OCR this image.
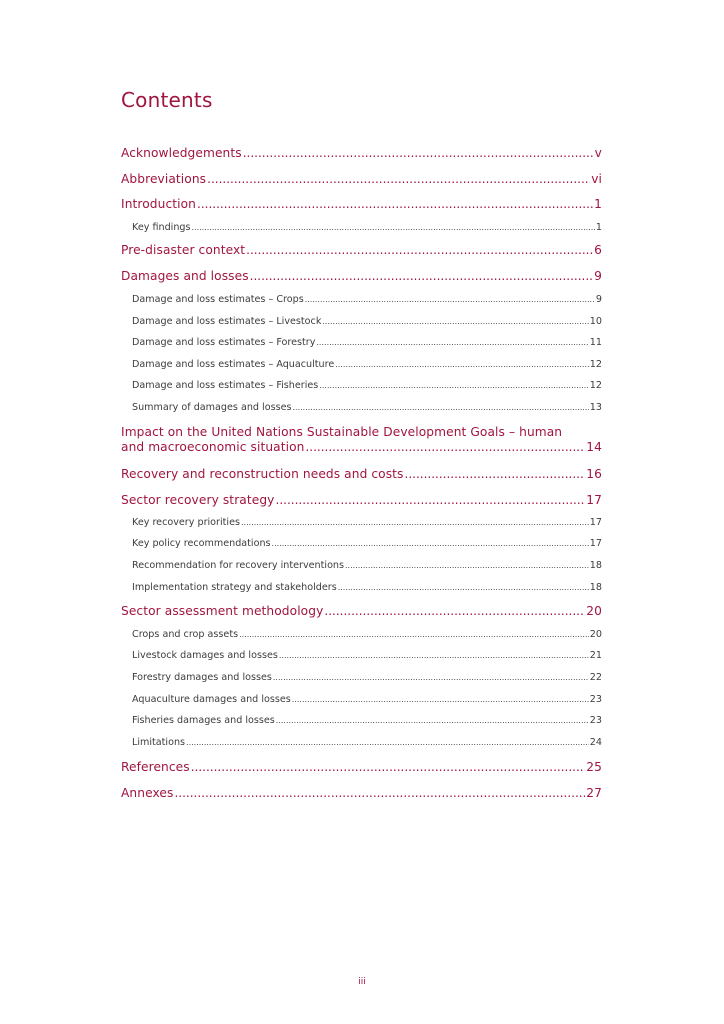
Contents
Acknowledgements .....	v
Abbreviations .....	vi
Introduction .....	1
Key findings .....	1
Pre-disaster context .....	6
Damages and losses .....	9
Damage and loss estimates – Crops .....	9
Damage and loss estimates – Livestock .....	10
Damage and loss estimates – Forestry .....	11
Damage and loss estimates – Aquaculture .....	12
Damage and loss estimates – Fisheries .....	12
Summary of damages and losses .....	13
Impact on the United Nations Sustainable Development Goals – human
and macroeconomic situation .....	14
Recovery and reconstruction needs and costs .....	16
Sector recovery strategy .....	17
Key recovery priorities .....	17
Key policy recommendations .....	17
Recommendation for recovery interventions .....	18
Implementation strategy and stakeholders .....	18
Sector assessment methodology .....	20
Crops and crop assets .....	20
Livestock damages and losses .....	21
Forestry damages and losses .....	22
Aquaculture damages and losses .....	23
Fisheries damages and losses .....	23
Limitations .....	24
References .....	25
Annexes .....	27
iii
